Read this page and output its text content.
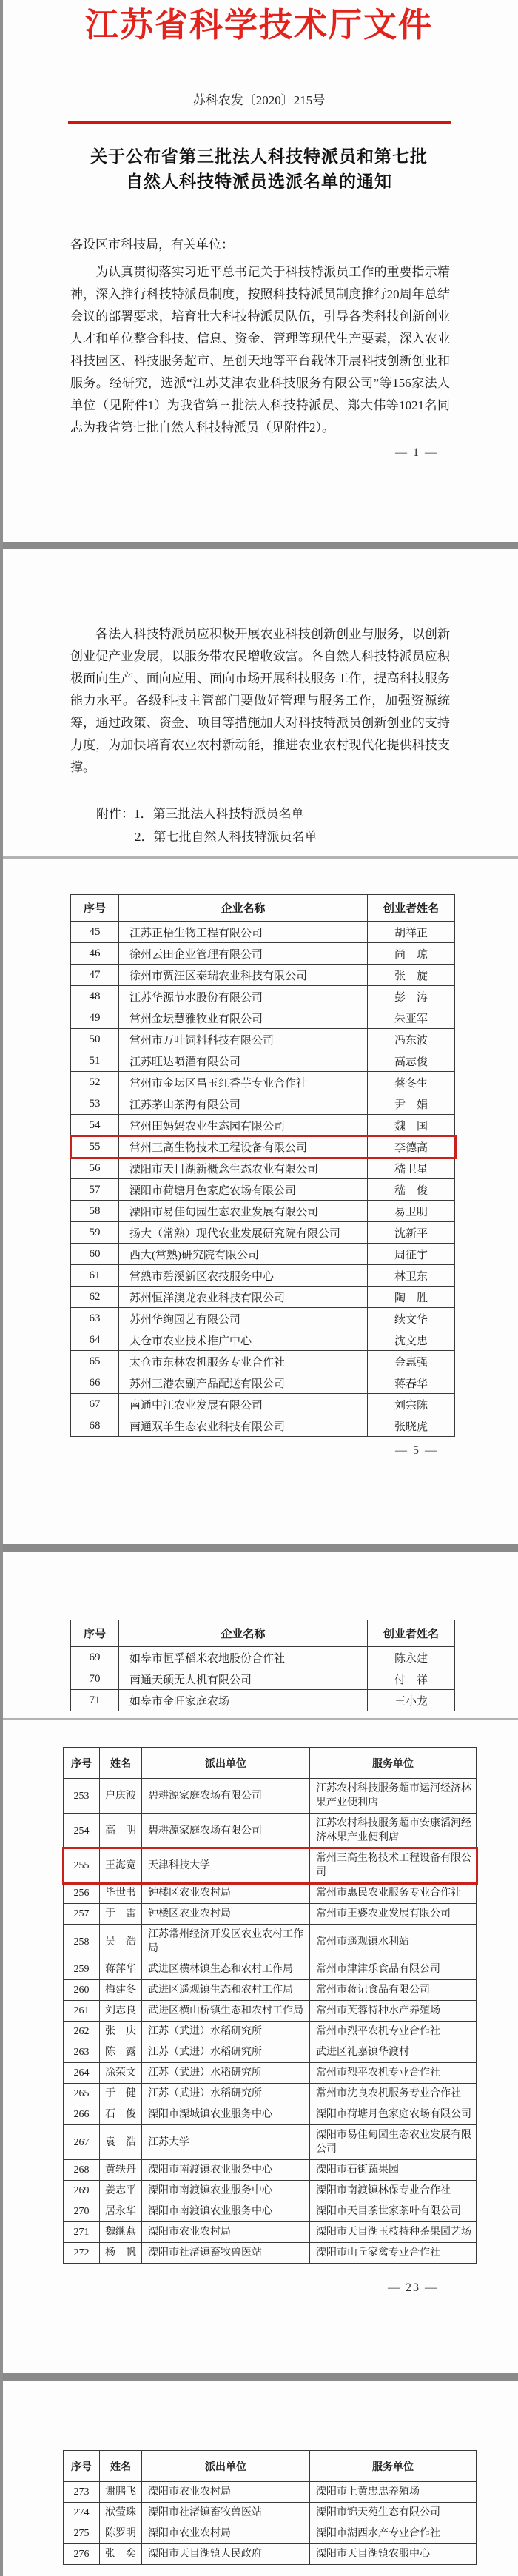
江苏省科学技术厅文件
苏科农发〔2020〕215号
关于公布省第三批法人科技特派员和第七批
自然人科技特派员选派名单的通知
各设区市科技局，有关单位：

为认真贯彻落实习近平总书记关于科技特派员工作的重要指示精神，深入推行科技特派员制度，按照科技特派员制度推行20周年总结会议的部署要求，培育壮大科技特派员队伍，引导各类科技创新创业人才和单位整合科技、信息、资金、管理等现代生产要素，深入农业科技园区、科技服务超市、星创天地等平台载体开展科技创新创业和服务。经研究，选派“江苏艾津农业科技服务有限公司”等156家法人单位（见附件1）为我省第三批法人科技特派员、郑大伟等1021名同志为我省第七批自然人科技特派员（见附件2）。

— 1 —

各法人科技特派员应积极开展农业科技创新创业与服务，以创新创业促产业发展，以服务带农民增收致富。各自然人科技特派员应积极面向生产、面向应用、面向市场开展科技服务工作，提高科技服务能力水平。各级科技主管部门要做好管理与服务工作，加强资源统筹，通过政策、资金、项目等措施加大对科技特派员创新创业的支持力度，为加快培育农业农村新动能，推进农业农村现代化提供科技支撑。

附件：1．第三批法人科技特派员名单
2．第七批自然人科技特派员名单
序号	企业名称	创业者姓名
45	江苏正梧生物工程有限公司	胡祥正
46	徐州云田企业管理有限公司	尚　琼
47	徐州市贾汪区泰瑞农业科技有限公司	张　旋
48	江苏华源节水股份有限公司	彭　涛
49	常州金坛慧雅牧业有限公司	朱亚军
50	常州市万叶饲料科技有限公司	冯东波
51	江苏旺达喷灌有限公司	高志俊
52	常州市金坛区昌玉红香芋专业合作社	蔡冬生
53	江苏茅山茶海有限公司	尹　娟
54	常州田妈妈农业生态园有限公司	魏　国
55	常州三高生物技术工程设备有限公司	李德高
56	溧阳市天目湖新概念生态农业有限公司	嵇卫星
57	溧阳市荷塘月色家庭农场有限公司	嵇　俊
58	溧阳市易佳甸园生态农业发展有限公司	易卫明
59	扬大（常熟）现代农业发展研究院有限公司	沈新平
60	西大(常熟)研究院有限公司	周征宇
61	常熟市碧溪新区农技服务中心	林卫东
62	苏州恒洋澳龙农业科技有限公司	陶　胜
63	苏州华绚园艺有限公司	续文华
64	太仓市农业技术推广中心	沈文忠
65	太仓市东林农机服务专业合作社	金惠强
66	苏州三港农副产品配送有限公司	蒋春华
67	南通中江农业发展有限公司	刘宗陈
68	南通双羊生态农业科技有限公司	张晓虎
— 5 —
序号	企业名称	创业者姓名
69	如皋市恒孚稻米农地股份合作社	陈永建
70	南通天硕无人机有限公司	付　祥
71	如皋市金旺家庭农场	王小龙
序号	姓名	派出单位	服务单位
253	户庆波	碧耕源家庭农场有限公司	江苏农村科技服务超市运河经济林果产业便利店
254	高　明	碧耕源家庭农场有限公司	江苏农村科技服务超市安康滔河经济林果产业便利店
255	王海宽	天津科技大学	常州三高生物技术工程设备有限公司
256	毕世书	钟楼区农业农村局	常州市惠民农业服务专业合作社
257	于　雷	钟楼区农业农村局	常州市王婆农业发展有限公司
258	吴　浩	江苏常州经济开发区农业农村工作局	常州市遥观镇水利站
259	蒋萍华	武进区横林镇生态和农村工作局	常州市津津乐食品有限公司
260	梅建冬	武进区遥观镇生态和农村工作局	常州市蒋记食品有限公司
261	刘志良	武进区横山桥镇生态和农村工作局	常州市芙蓉特种水产养殖场
262	张　庆	江苏（武进）水稻研究所	常州市烈平农机专业合作社
263	陈　露	江苏（武进）水稻研究所	武进区礼嘉镇华渡村
264	凃荣文	江苏（武进）水稻研究所	常州市烈平农机专业合作社
265	于　健	江苏（武进）水稻研究所	常州市沈良农机服务专业合作社
266	石　俊	溧阳市溧城镇农业服务中心	溧阳市荷塘月色家庭农场有限公司
267	袁　浩	江苏大学	溧阳市易佳甸园生态农业发展有限公司
268	黄轶丹	溧阳市南渡镇农业服务中心	溧阳市石街蔬果园
269	姜志平	溧阳市南渡镇农业服务中心	溧阳市南渡镇林保专业合作社
270	居永华	溧阳市南渡镇农业服务中心	溧阳市天目茶世家茶叶有限公司
271	魏继燕	溧阳市农业农村局	溧阳市天目湖玉枝特种茶果园艺场
272	杨　帆	溧阳市社渚镇畜牧兽医站	溧阳市山丘家禽专业合作社
— 23 —
序号	姓名	派出单位	服务单位
273	谢鹏飞	溧阳市农业农村局	溧阳市上黄忠忠养殖场
274	洑莹珠	溧阳市社渚镇畜牧兽医站	溧阳市锦天苑生态有限公司
275	陈罗明	溧阳市农业农村局	溧阳市湖西水产专业合作社
276	张　奕	溧阳市天目湖镇人民政府	溧阳市天目湖镇农服中心
